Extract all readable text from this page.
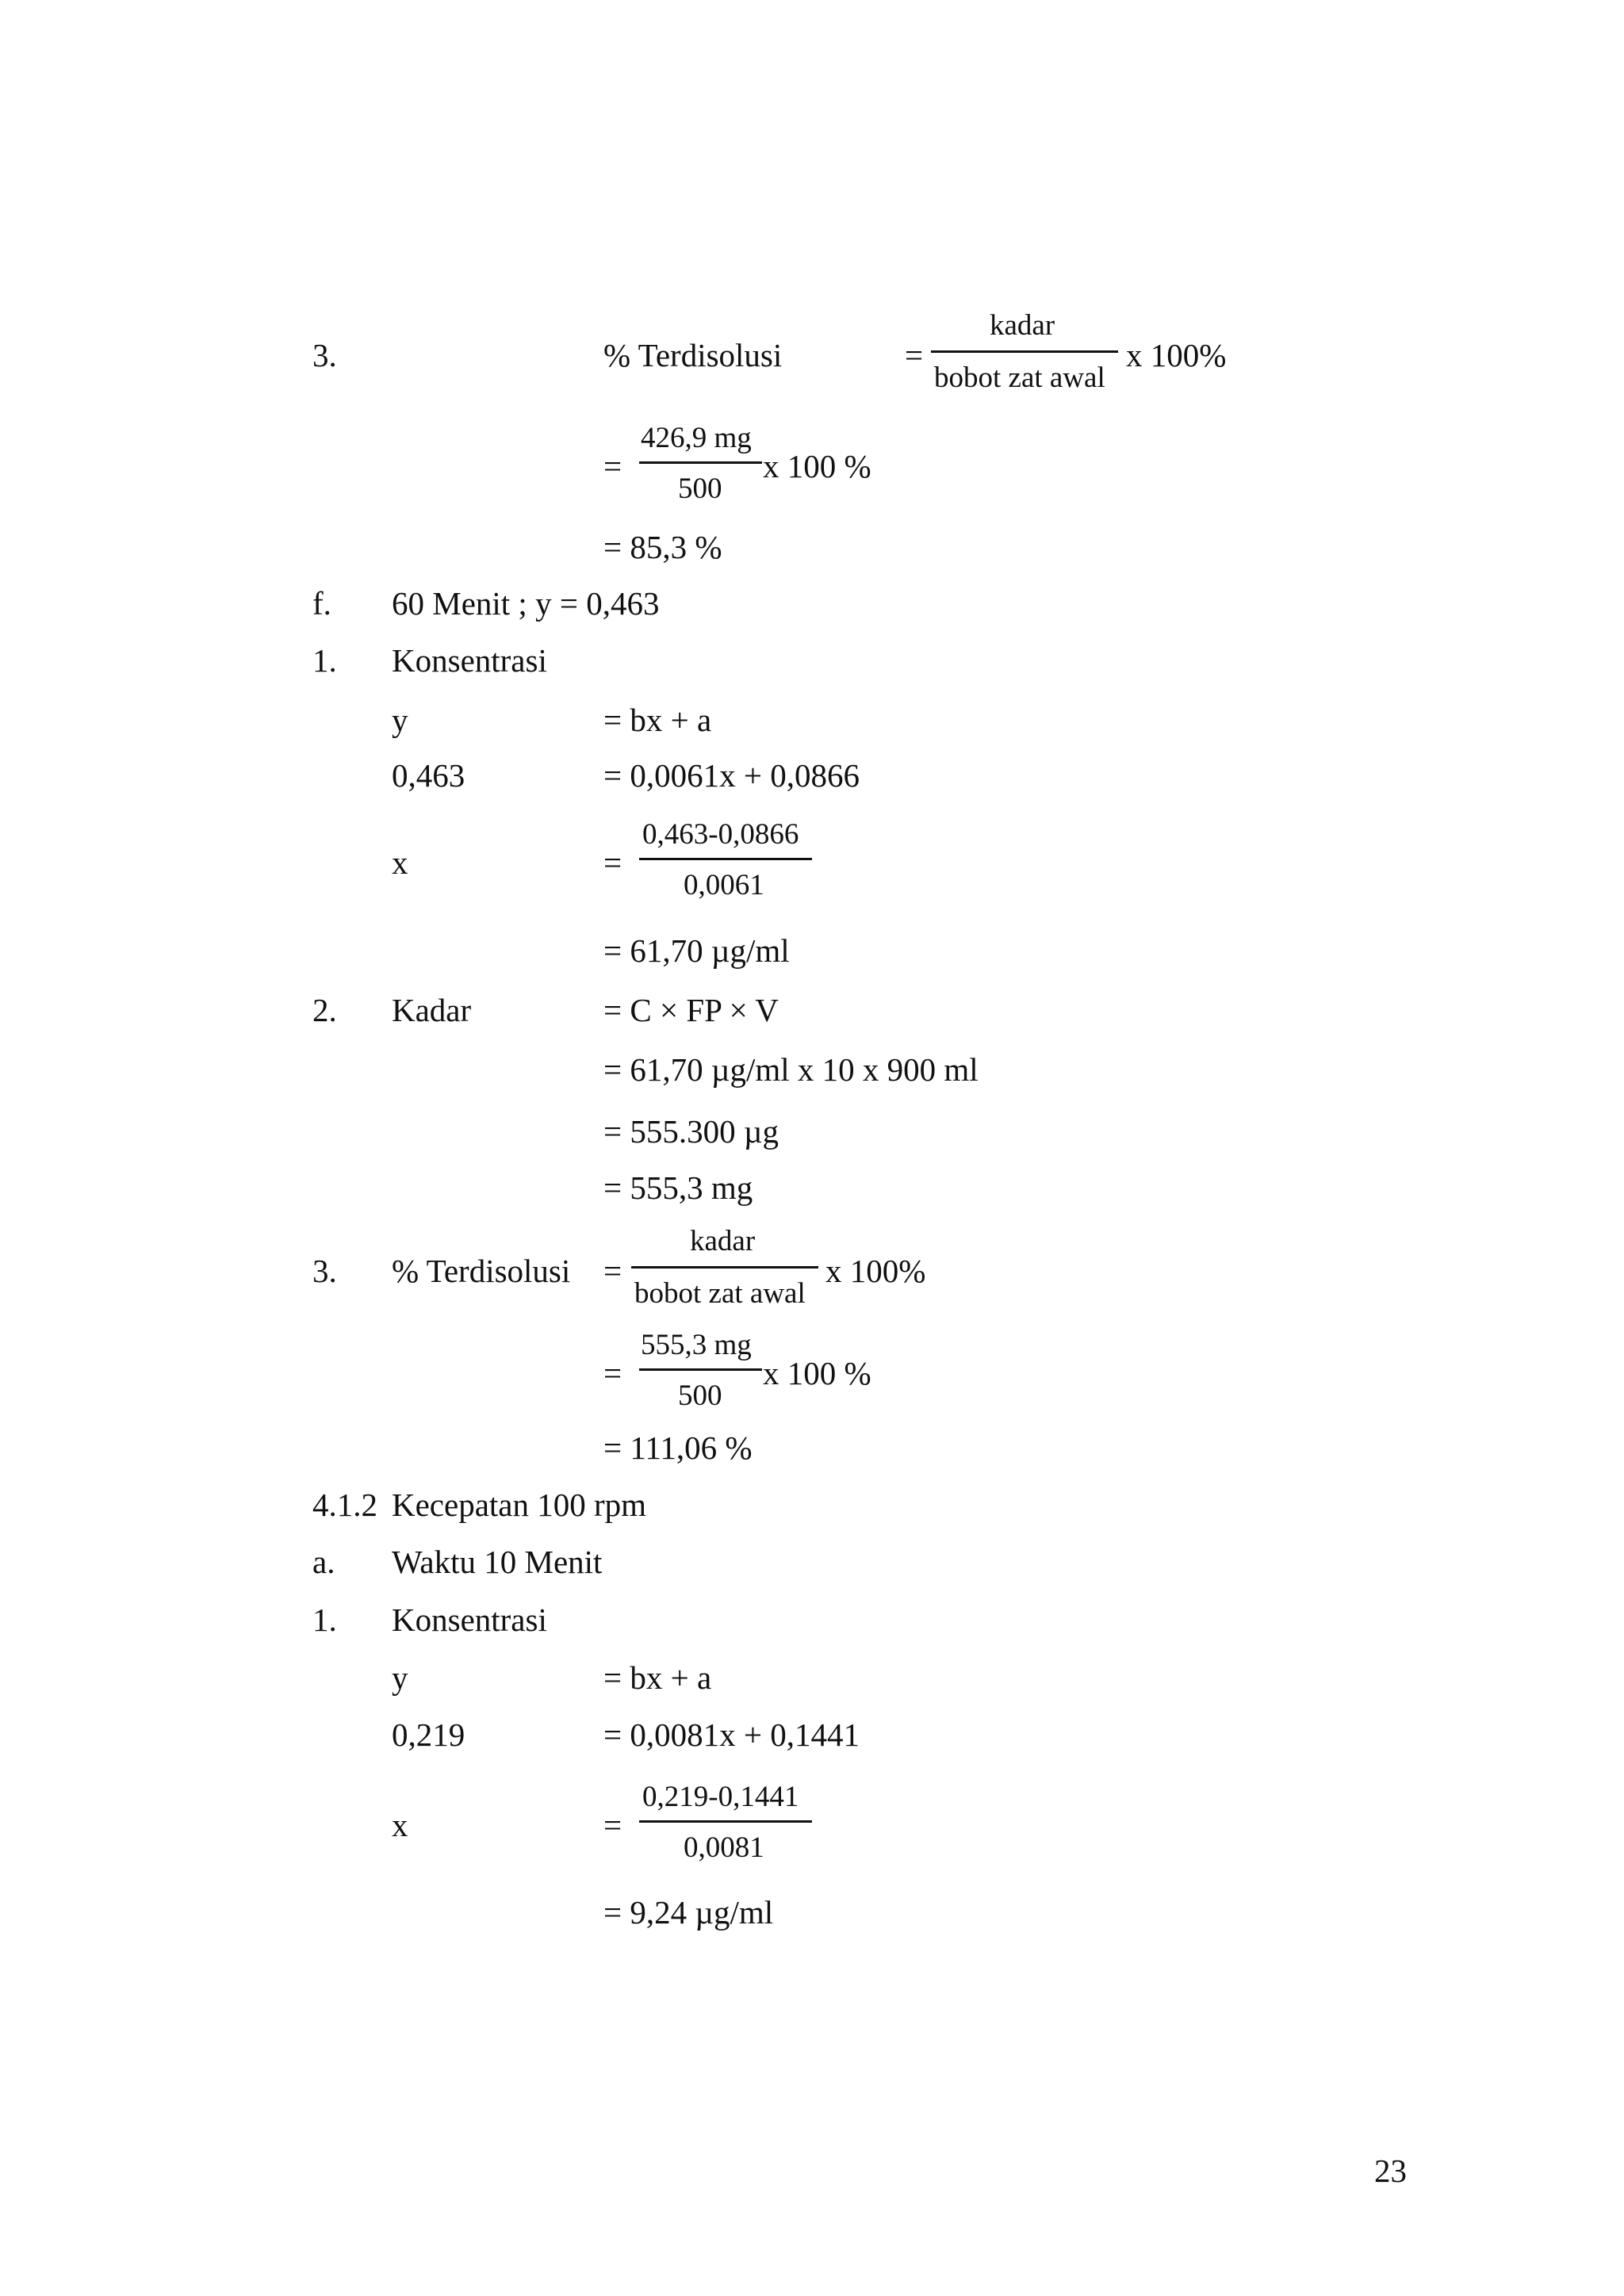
3.	% Terdisolusi	=
kadar
bobot zat awal
x 100%
=
426,9 mg
500
x 100 %
= 85,3 %
f. 60 Menit ; y = 0,463
1. Konsentrasi
y	= bx + a
0,463	= 0,0061x + 0,0866
x	=
0,463-0,0866
0,0061
= 61,70 µg/ml
2. Kadar	= C × FP × V
= 61,70 µg/ml x 10 x 900 ml
= 555.300 µg
= 555,3 mg
3. % Terdisolusi =
kadar
bobot zat awal
x 100%
=
555,3 mg
500
x 100 %
= 111,06 %
4.1.2 Kecepatan 100 rpm
a. Waktu 10 Menit
1. Konsentrasi
y	= bx + a
0,219	= 0,0081x + 0,1441
x	=
0,219-0,1441
0,0081
= 9,24 µg/ml
23
